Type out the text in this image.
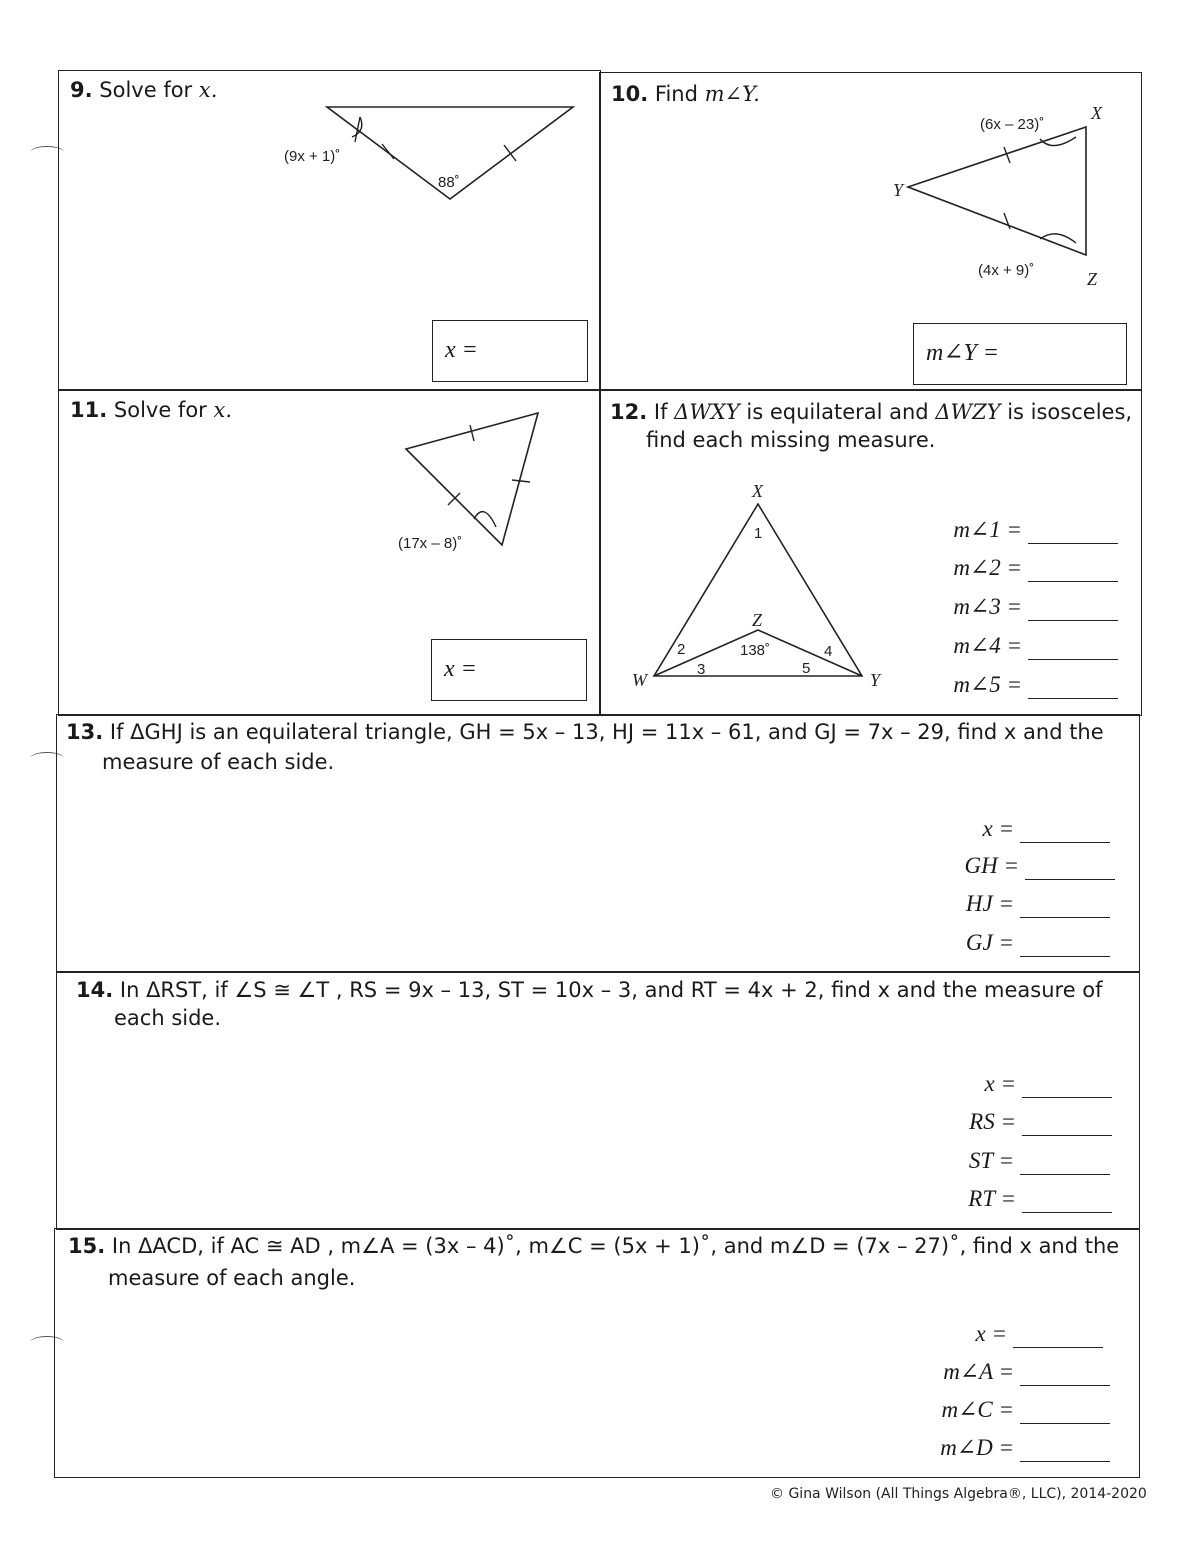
9. Solve for x.
(9x + 1)˚
88˚
x =
10. Find m∠Y.
(6x – 23)˚
(4x + 9)˚
X
Y
Z
m∠Y =
11. Solve for x.
(17x – 8)˚
x =
12. If ΔWXY is equilateral and ΔWZY is isosceles,
find each missing measure.
X
W	Y
Z
1
2
3
4
5
138˚
m∠1 =
m∠2 =
m∠3 =
m∠4 =
m∠5 =
13. If ΔGHJ is an equilateral triangle, GH = 5x – 13, HJ = 11x – 61, and GJ = 7x – 29, find x and the
measure of each side.
x =
GH =
HJ =
GJ =
14. In ΔRST, if ∠S ≅ ∠T , RS = 9x – 13, ST = 10x – 3, and RT = 4x + 2, find x and the measure of
each side.
x =
RS =
ST =
RT =
15. In ΔACD, if AC ≅ AD , m∠A = (3x – 4)˚, m∠C = (5x + 1)˚, and m∠D = (7x – 27)˚, find x and the
measure of each angle.
x =
m∠A =
m∠C =
m∠D =
© Gina Wilson (All Things Algebra®, LLC), 2014-2020
